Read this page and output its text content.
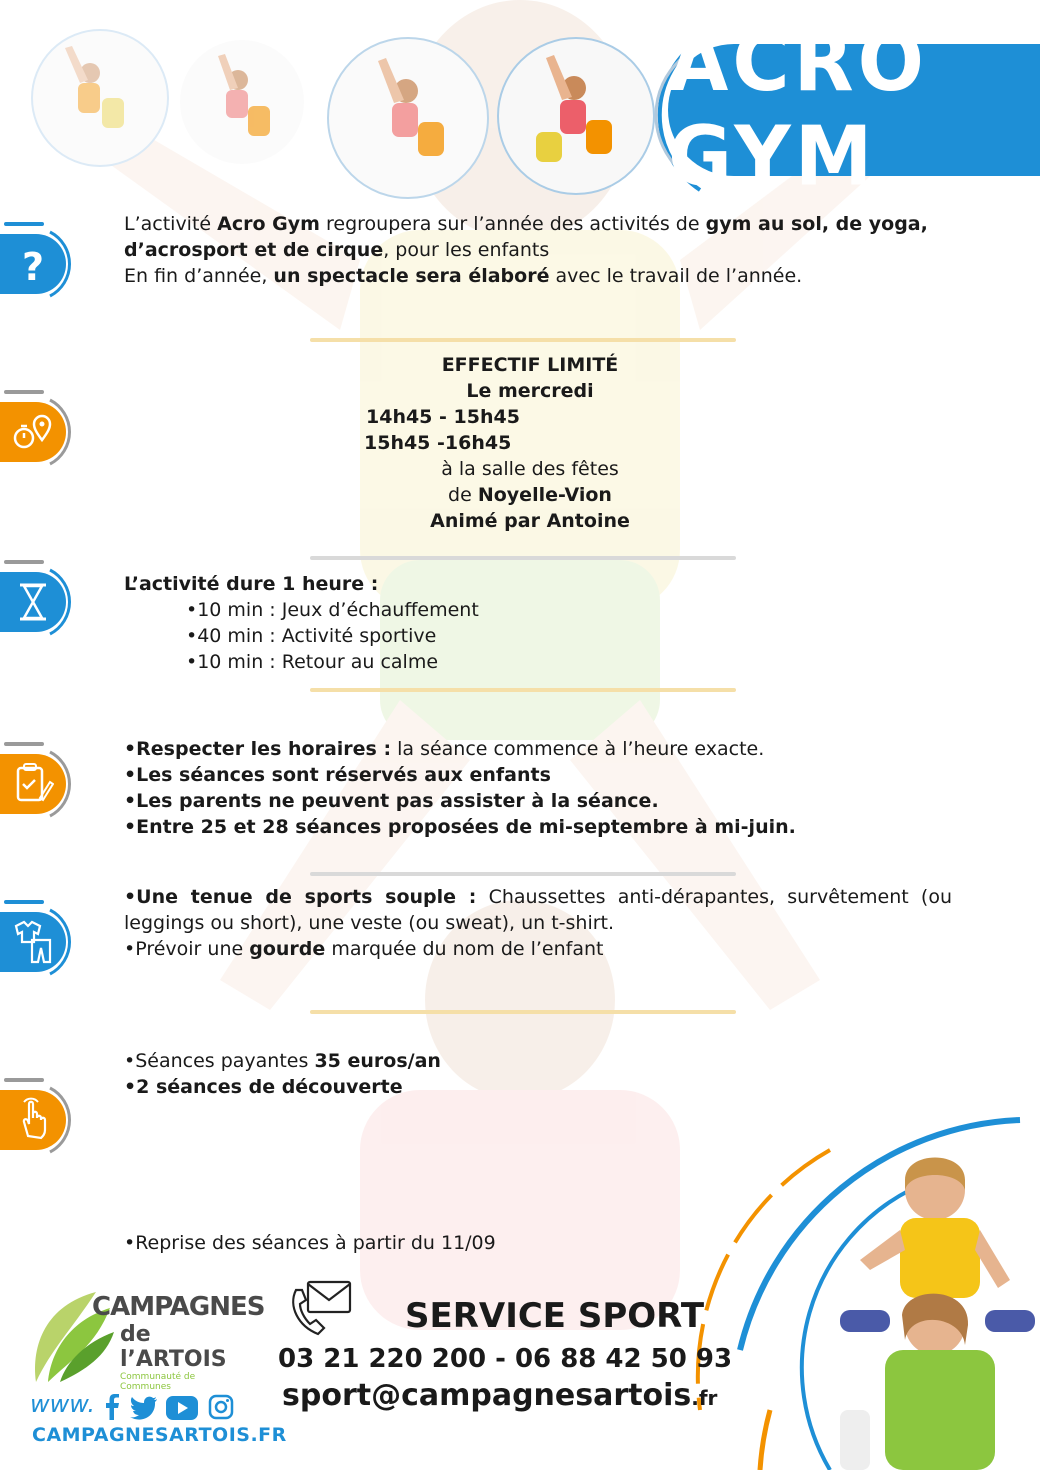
ACRO GYM
?
L’activité Acro Gym regroupera sur l’année des activités de gym au sol, de yoga,
d’acrosport et de cirque, pour les enfants
En fin d’année, un spectacle sera élaboré avec le travail de l’année.
EFFECTIF LIMITÉ
Le mercredi
14h45 - 15h45
15h45 -16h45
à la salle des fêtes
de Noyelle-Vion
Animé par Antoine
L’activité dure 1 heure :
•10 min : Jeux d’échauffement
•40 min : Activité sportive
•10 min : Retour au calme
•Respecter les horaires : la séance commence à l’heure exacte.
•Les séances sont réservés aux enfants
•Les parents ne peuvent pas assister à la séance.
•Entre 25 et 28 séances proposées de mi-septembre à mi-juin.
•Une tenue de sports souple : Chaussettes anti-dérapantes, survêtement (ou
leggings ou short), une veste (ou sweat), un t-shirt.
•Prévoir une gourde marquée du nom de l’enfant
•Séances payantes 35 euros/an
•2 séances de découverte
•Reprise des séances à partir du 11/09
SERVICE SPORT
03 21 220 200 - 06 88 42 50 93
sport@campagnesartois.fr
CAMPAGNES
de l’ARTOIS
Communauté de Communes
www.
CAMPAGNESARTOIS.FR
